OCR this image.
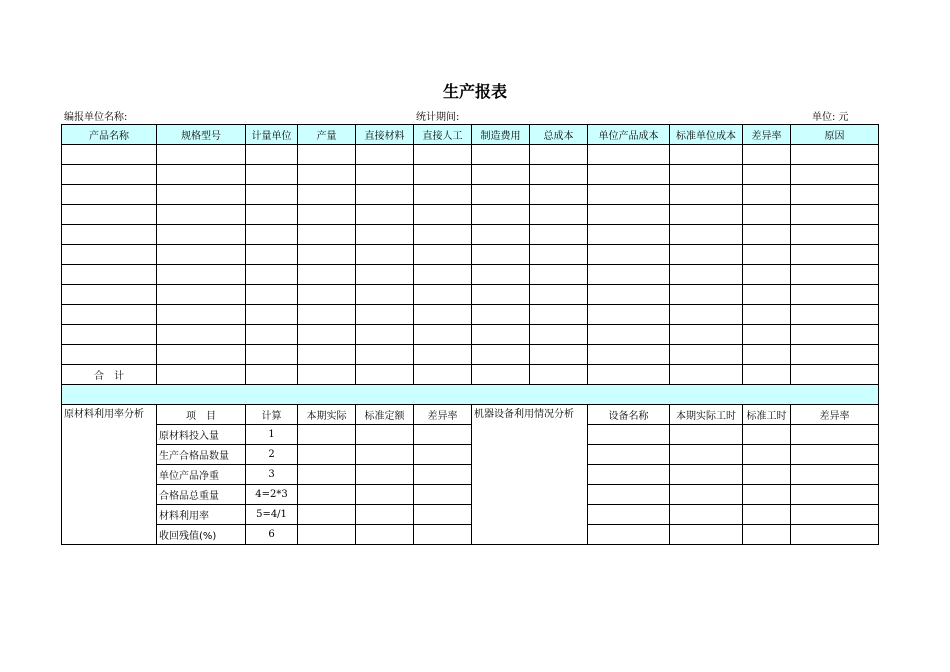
生产报表
编报单位名称:	统计期间:	单位: 元
产品名称	规格型号	计量单位	产量	直接材料	直接人工	制造费用	总成本	单位产品成本	标准单位成本	差异率	原因

合　计											

原材料利用率分析	项　目	计算	本期实际	标准定额	差异率	机器设备利用情况分析		设备名称	本期实际工时	标准工时	差异率
	原材料投入量	1									
	生产合格品数量	2									
	单位产品净重	3									
	合格品总重量	4=2*3									
	材料利用率	5=4/1									
	收回残值(%)	6									
